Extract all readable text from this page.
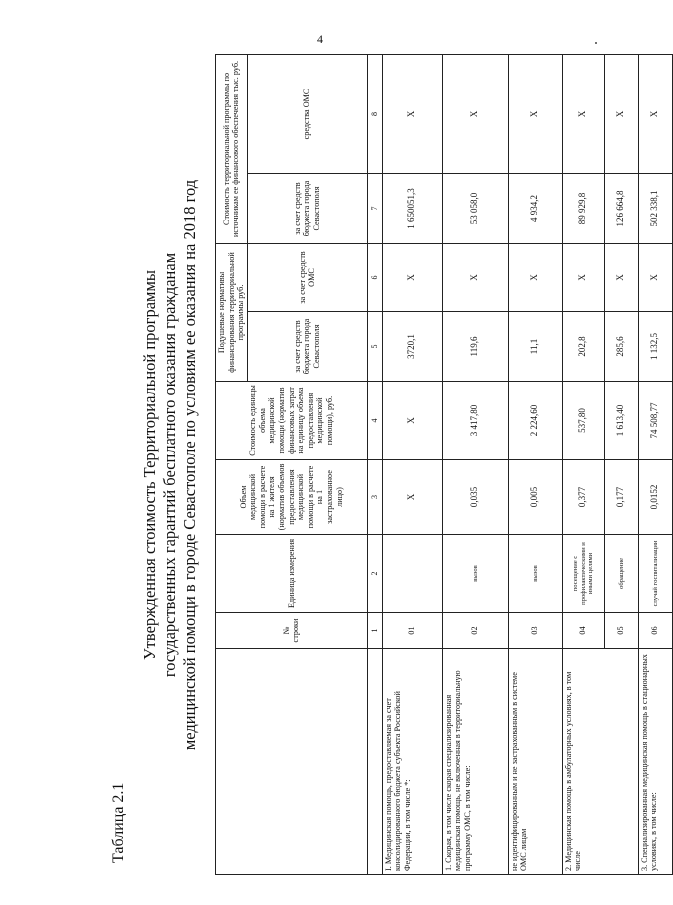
4
Таблица 2.1
Утвержденная стоимость Территориальной программы государственных гарантий бесплатного оказания гражданам медицинской помощи в городе Севастополе по условиям ее оказания на 2018 год
		№ строки	Единица измерения	Объем медицинской помощи в расчете на 1 жителя (норматив объемов предоставления медицинской помощи в расчете на 1 застрахованное лицо)	Стоимость единицы объема медицинской помощи (норматив финансовых затрат на единицу объема предоставления медицинской помощи), руб.	Подушевые нормативы финансирования территориальной программы руб.		Стоимость территориальной программы по источникам ее финансового обеспечения тыс. руб.	
					за счет средств бюджета города Севастополя	за счет средств ОМС	за счет средств бюджета города Севастополя	средства ОМС
	1	2	3	4	5	6	7	8
I. Медицинская помощь, предоставляемая за счет консолидированного бюджета субъекта Российской Федерации, в том числе *:	01		Х	Х	3720,1	Х	1 650051,3	Х
1. Скорая, в том числе скорая специализированная медицинская помощь, не включенная в территориальную программу ОМС, в том числе:	02	вызов	0,035	3 417,80	119,6	Х	53 058,0	Х
не идентифицированным и не застрахованным в системе ОМС лицам	03	вызов	0,005	2 224,60	11,1	Х	4 934,2	Х
2. Медицинская помощь в амбулаторных условиях, в том числе	04	посещение с профилактическими и иными целями	0,377	537,80	202,8	Х	89 929,8	Х
	05	обращение	0,177	1 613,40	285,6	Х	126 664,8	Х
3. Специализированная медицинская помощь в стационарных условиях, в том числе:	06	случай госпитализации	0,0152	74 508,77	1 132,5	Х	502 338,1	Х
